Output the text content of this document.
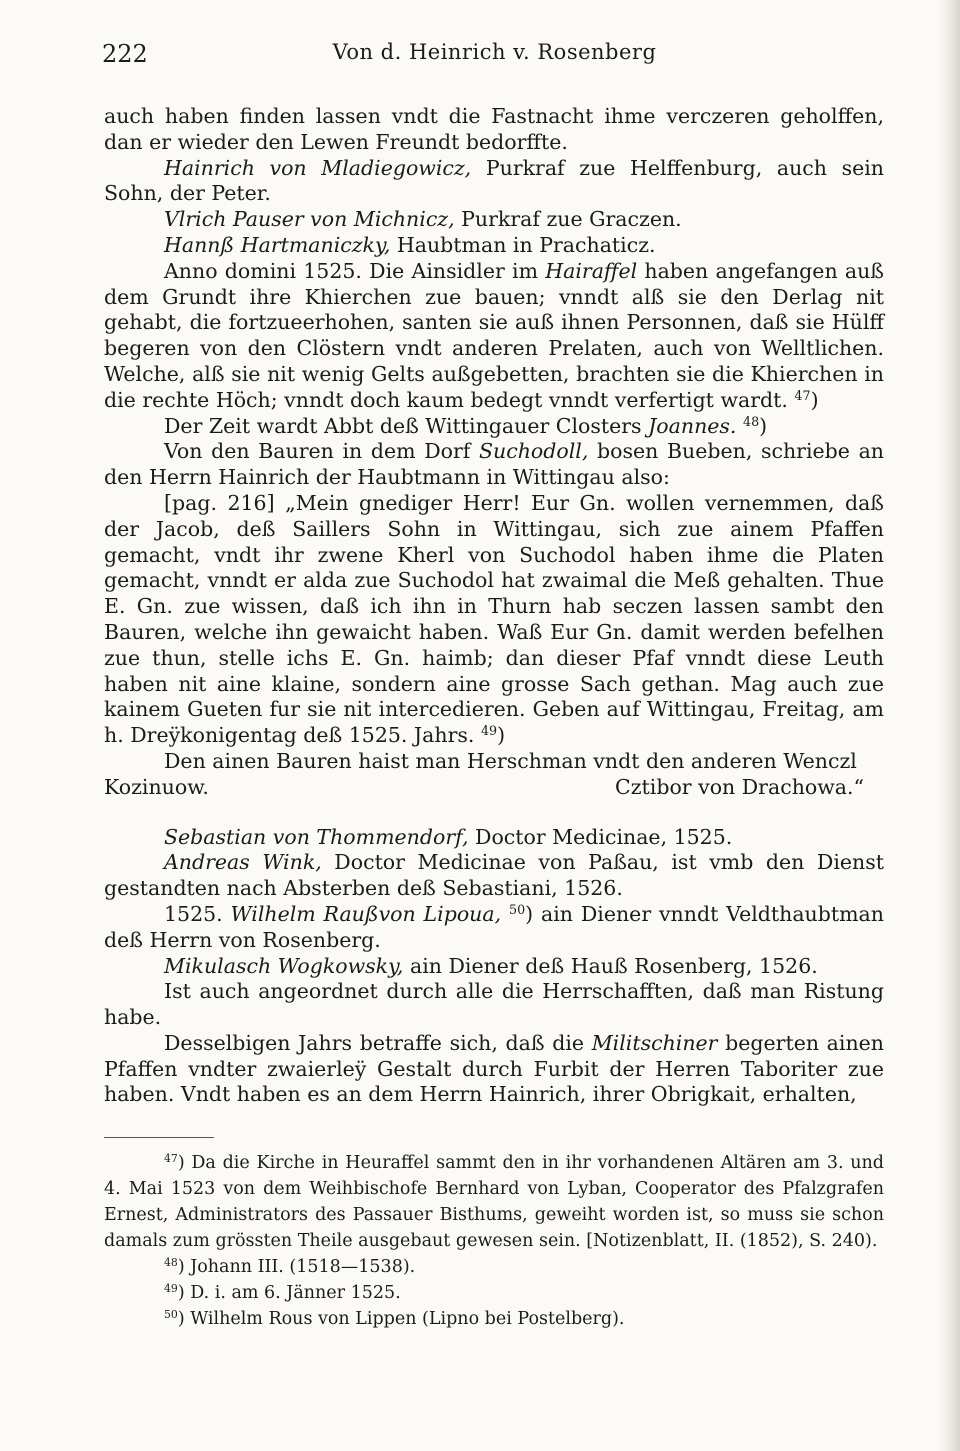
222	Von d. Heinrich v. Rosenberg

auch haben finden lassen vndt die Fastnacht ihme verczeren geholffen, dan er wieder den Lewen Freundt bedorffte.

Hainrich von Mladiegowicz, Purkraf zue Helffenburg, auch sein Sohn, der Peter.

Vlrich Pauser von Michnicz, Purkraf zue Graczen.

Hannß Hartmaniczky, Haubtman in Prachaticz.

Anno domini 1525. Die Ainsidler im Hairaffel haben angefangen auß dem Grundt ihre Khierchen zue bauen; vnndt alß sie den Derlag nit gehabt, die fortzueerhohen, santen sie auß ihnen Personnen, daß sie Hülff begeren von den Clöstern vndt anderen Prelaten, auch von Welltlichen. Welche, alß sie nit wenig Gelts außgebetten, brachten sie die Khierchen in die rechte Höch; vnndt doch kaum bedegt vnndt verfertigt wardt. $^{47}$)

Der Zeit wardt Abbt deß Wittingauer Closters Joannes. $^{48}$)

Von den Bauren in dem Dorf Suchodoll, bosen Bueben, schriebe an den Herrn Hainrich der Haubtmann in Wittingau also:

[pag. 216] „Mein gnediger Herr! Eur Gn. wollen vernemmen, daß der Jacob, deß Saillers Sohn in Wittingau, sich zue ainem Pfaffen gemacht, vndt ihr zwene Kherl von Suchodol haben ihme die Platen gemacht, vnndt er alda zue Suchodol hat zwaimal die Meß gehalten. Thue E. Gn. zue wissen, daß ich ihn in Thurn hab seczen lassen sambt den Bauren, welche ihn gewaicht haben. Waß Eur Gn. damit werden befelhen zue thun, stelle ichs E. Gn. haimb; dan dieser Pfaf vnndt diese Leuth haben nit aine klaine, sondern aine grosse Sach gethan. Mag auch zue kainem Gueten fur sie nit intercedieren. Geben auf Wittingau, Freitag, am h. Dreÿkonigentag deß 1525. Jahrs. $^{49}$)

Den ainen Bauren haist man Herschman vndt den anderen Wenczl

Kozinuow.	Cztibor von Drachowa.“

Sebastian von Thommendorf, Doctor Medicinae, 1525.

Andreas Wink, Doctor Medicinae von Paßau, ist vmb den Dienst gestandten nach Absterben deß Sebastiani, 1526.

1525. Wilhelm Raußvon Lipoua, $^{50}$) ain Diener vnndt Veldthaubtman deß Herrn von Rosenberg.

Mikulasch Wogkowsky, ain Diener deß Hauß Rosenberg, 1526.

Ist auch angeordnet durch alle die Herrschafften, daß man Ristung habe.

Desselbigen Jahrs betraffe sich, daß die Militschiner begerten ainen Pfaffen vndter zwaierleÿ Gestalt durch Furbit der Herren Taboriter zue haben. Vndt haben es an dem Herrn Hainrich, ihrer Obrigkait, erhalten,

$^{47}$) Da die Kirche in Heuraffel sammt den in ihr vorhandenen Altären am 3. und 4. Mai 1523 von dem Weihbischofe Bernhard von Lyban, Cooperator des Pfalzgrafen Ernest, Administrators des Passauer Bisthums, geweiht worden ist, so muss sie schon damals zum grössten Theile ausgebaut gewesen sein. [Notizenblatt, II. (1852), S. 240).

$^{48}$) Johann III. (1518—1538).

$^{49}$) D. i. am 6. Jänner 1525.

$^{50}$) Wilhelm Rous von Lippen (Lipno bei Postelberg).
